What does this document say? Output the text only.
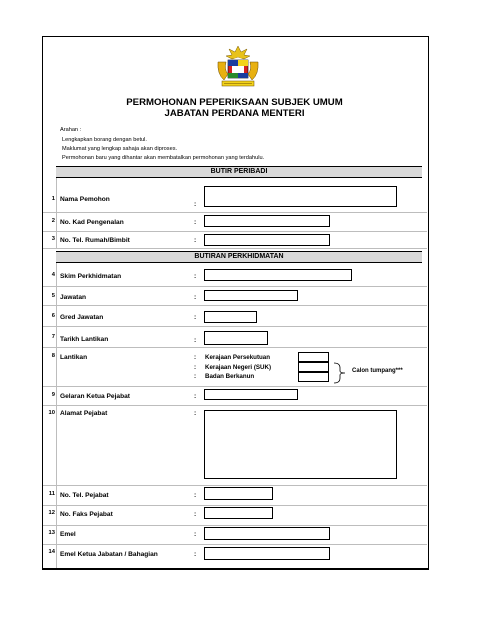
PERMOHONAN PEPERIKSAAN SUBJEK UMUM
JABATAN PERDANA MENTERI
Arahan :
Lengkapkan borang dengan betul.
Maklumat yang lengkap sahaja akan diproses.
Permohonan baru yang dihantar akan membatalkan permohonan yang terdahulu.
BUTIR PERIBADI
BUTIRAN PERKHIDMATAN
1 Nama Pemohon
:
2 No. Kad Pengenalan	:
3 No. Tel. Rumah/Bimbit	:
4 Skim Perkhidmatan	:
5 Jawatan	:
6 Gred Jawatan	:
7 Tarikh Lantikan	:
8 Lantikan	: Kerajaan Persekutuan
: Kerajaan Negeri (SUK)
: Badan Berkanun
Calon tumpang***
9 Gelaran Ketua Pejabat	:
10 Alamat Pejabat	:
11 No. Tel. Pejabat	:
12 No. Faks Pejabat	:
13 Emel	:
14 Emel Ketua Jabatan / Bahagian	:
